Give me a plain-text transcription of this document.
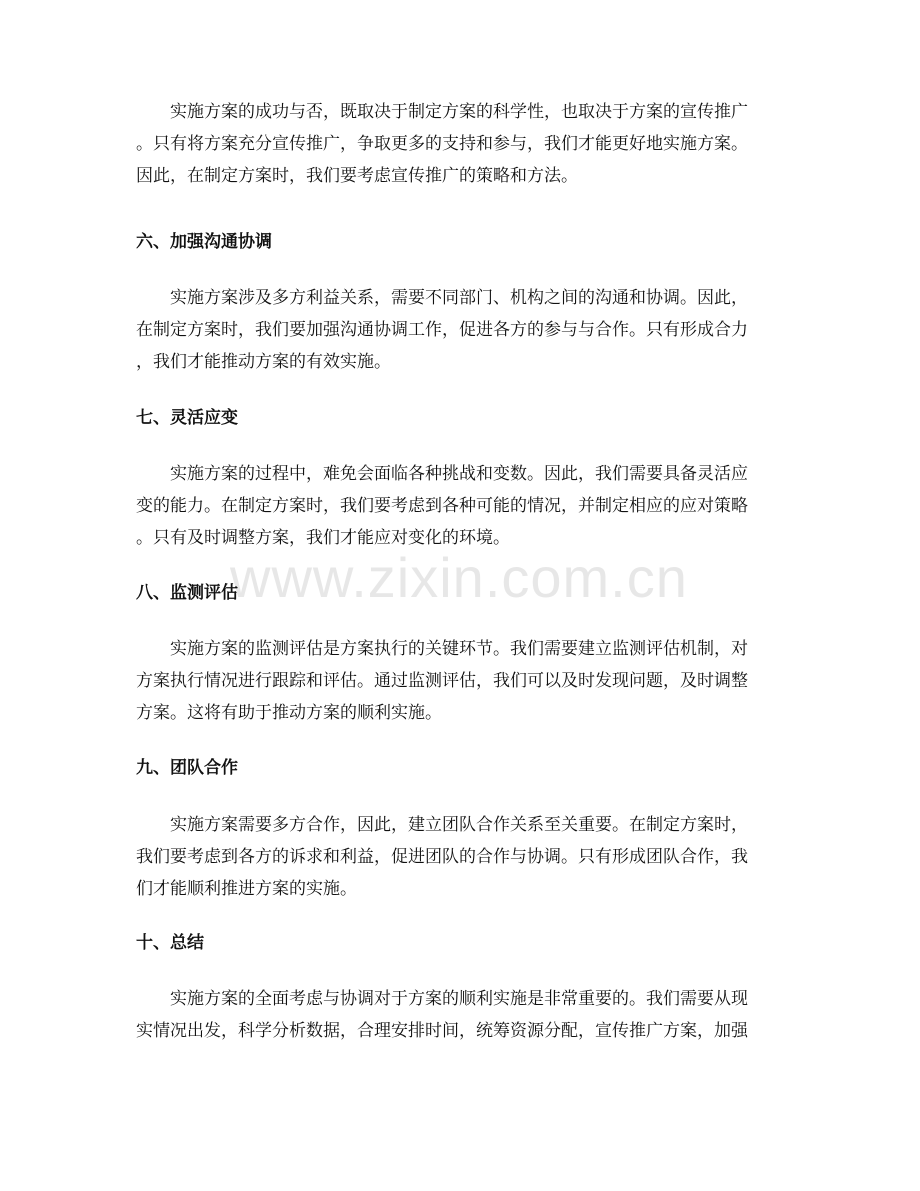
www.zixin.com.cn
实施方案的成功与否，既取决于制定方案的科学性，也取决于方案的宣传推广
。只有将方案充分宣传推广，争取更多的支持和参与，我们才能更好地实施方案。
因此，在制定方案时，我们要考虑宣传推广的策略和方法。
六、加强沟通协调
实施方案涉及多方利益关系，需要不同部门、机构之间的沟通和协调。因此，
在制定方案时，我们要加强沟通协调工作，促进各方的参与与合作。只有形成合力
，我们才能推动方案的有效实施。
七、灵活应变
实施方案的过程中，难免会面临各种挑战和变数。因此，我们需要具备灵活应
变的能力。在制定方案时，我们要考虑到各种可能的情况，并制定相应的应对策略
。只有及时调整方案，我们才能应对变化的环境。
八、监测评估
实施方案的监测评估是方案执行的关键环节。我们需要建立监测评估机制，对
方案执行情况进行跟踪和评估。通过监测评估，我们可以及时发现问题，及时调整
方案。这将有助于推动方案的顺利实施。
九、团队合作
实施方案需要多方合作，因此，建立团队合作关系至关重要。在制定方案时，
我们要考虑到各方的诉求和利益，促进团队的合作与协调。只有形成团队合作，我
们才能顺利推进方案的实施。
十、总结
实施方案的全面考虑与协调对于方案的顺利实施是非常重要的。我们需要从现
实情况出发，科学分析数据，合理安排时间，统筹资源分配，宣传推广方案，加强
